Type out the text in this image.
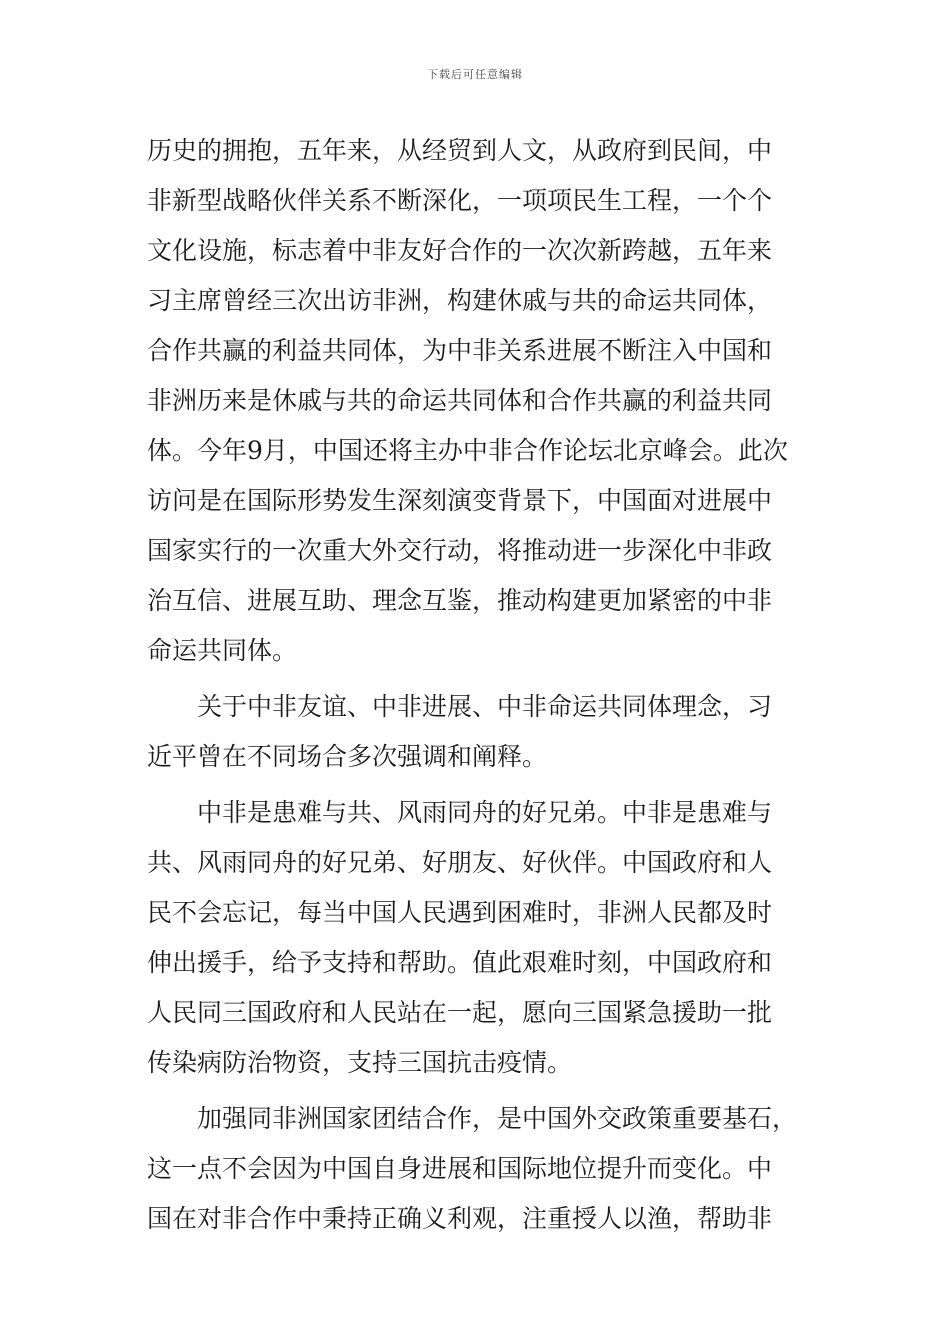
下载后可任意编辑
历史的拥抱，五年来，从经贸到人文，从政府到民间，中
非新型战略伙伴关系不断深化，一项项民生工程，一个个
文化设施，标志着中非友好合作的一次次新跨越，五年来
习主席曾经三次出访非洲，构建休戚与共的命运共同体，
合作共赢的利益共同体，为中非关系进展不断注入中国和
非洲历来是休戚与共的命运共同体和合作共赢的利益共同
体。今年9月，中国还将主办中非合作论坛北京峰会。此次
访问是在国际形势发生深刻演变背景下，中国面对进展中
国家实行的一次重大外交行动，将推动进一步深化中非政
治互信、进展互助、理念互鉴，推动构建更加紧密的中非
命运共同体。
关于中非友谊、中非进展、中非命运共同体理念，习
近平曾在不同场合多次强调和阐释。
中非是患难与共、风雨同舟的好兄弟。中非是患难与
共、风雨同舟的好兄弟、好朋友、好伙伴。中国政府和人
民不会忘记，每当中国人民遇到困难时，非洲人民都及时
伸出援手，给予支持和帮助。值此艰难时刻，中国政府和
人民同三国政府和人民站在一起，愿向三国紧急援助一批
传染病防治物资，支持三国抗击疫情。
加强同非洲国家团结合作，是中国外交政策重要基石，
这一点不会因为中国自身进展和国际地位提升而变化。中
国在对非合作中秉持正确义利观，注重授人以渔，帮助非
